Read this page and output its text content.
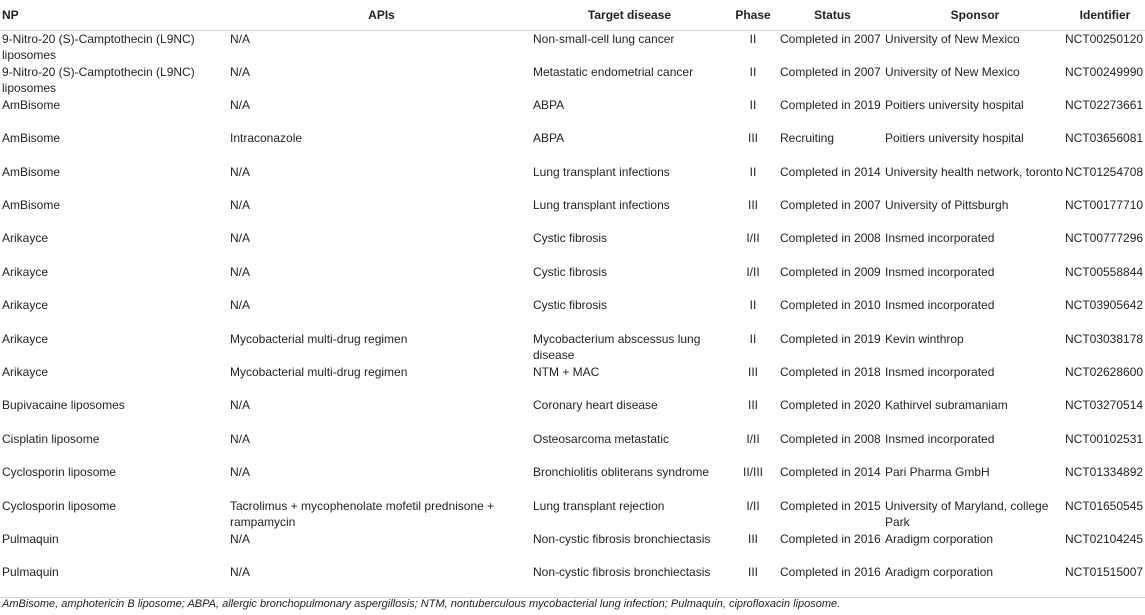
NP	APIs	Target disease	Phase	Status	Sponsor	Identifier
9-Nitro-20 (S)-Camptothecin (L9NC) liposomes	N/A	Non-small-cell lung cancer	II	Completed in 2007	University of New Mexico	NCT00250120
9-Nitro-20 (S)-Camptothecin (L9NC) liposomes	N/A	Metastatic endometrial cancer	II	Completed in 2007	University of New Mexico	NCT00249990
AmBisome	N/A	ABPA	II	Completed in 2019	Poitiers university hospital	NCT02273661
AmBisome	Intraconazole	ABPA	III	Recruiting	Poitiers university hospital	NCT03656081
AmBisome	N/A	Lung transplant infections	II	Completed in 2014	University health network, toronto	NCT01254708
AmBisome	N/A	Lung transplant infections	III	Completed in 2007	University of Pittsburgh	NCT00177710
Arikayce	N/A	Cystic fibrosis	I/II	Completed in 2008	Insmed incorporated	NCT00777296
Arikayce	N/A	Cystic fibrosis	I/II	Completed in 2009	Insmed incorporated	NCT00558844
Arikayce	N/A	Cystic fibrosis	II	Completed in 2010	Insmed incorporated	NCT03905642
Arikayce	Mycobacterial multi-drug regimen	Mycobacterium abscessus lung disease	II	Completed in 2019	Kevin winthrop	NCT03038178
Arikayce	Mycobacterial multi-drug regimen	NTM + MAC	III	Completed in 2018	Insmed incorporated	NCT02628600
Bupivacaine liposomes	N/A	Coronary heart disease	III	Completed in 2020	Kathirvel subramaniam	NCT03270514
Cisplatin liposome	N/A	Osteosarcoma metastatic	I/II	Completed in 2008	Insmed incorporated	NCT00102531
Cyclosporin liposome	N/A	Bronchiolitis obliterans syndrome	II/III	Completed in 2014	Pari Pharma GmbH	NCT01334892
Cyclosporin liposome	Tacrolimus + mycophenolate mofetil prednisone + rampamycin	Lung transplant rejection	I/II	Completed in 2015	University of Maryland, college Park	NCT01650545
Pulmaquin	N/A	Non-cystic fibrosis bronchiectasis	III	Completed in 2016	Aradigm corporation	NCT02104245
Pulmaquin	N/A	Non-cystic fibrosis bronchiectasis	III	Completed in 2016	Aradigm corporation	NCT01515007
AmBisome, amphotericin B liposome; ABPA, allergic bronchopulmonary aspergillosis; NTM, nontuberculous mycobacterial lung infection; Pulmaquin, ciprofloxacin liposome.
